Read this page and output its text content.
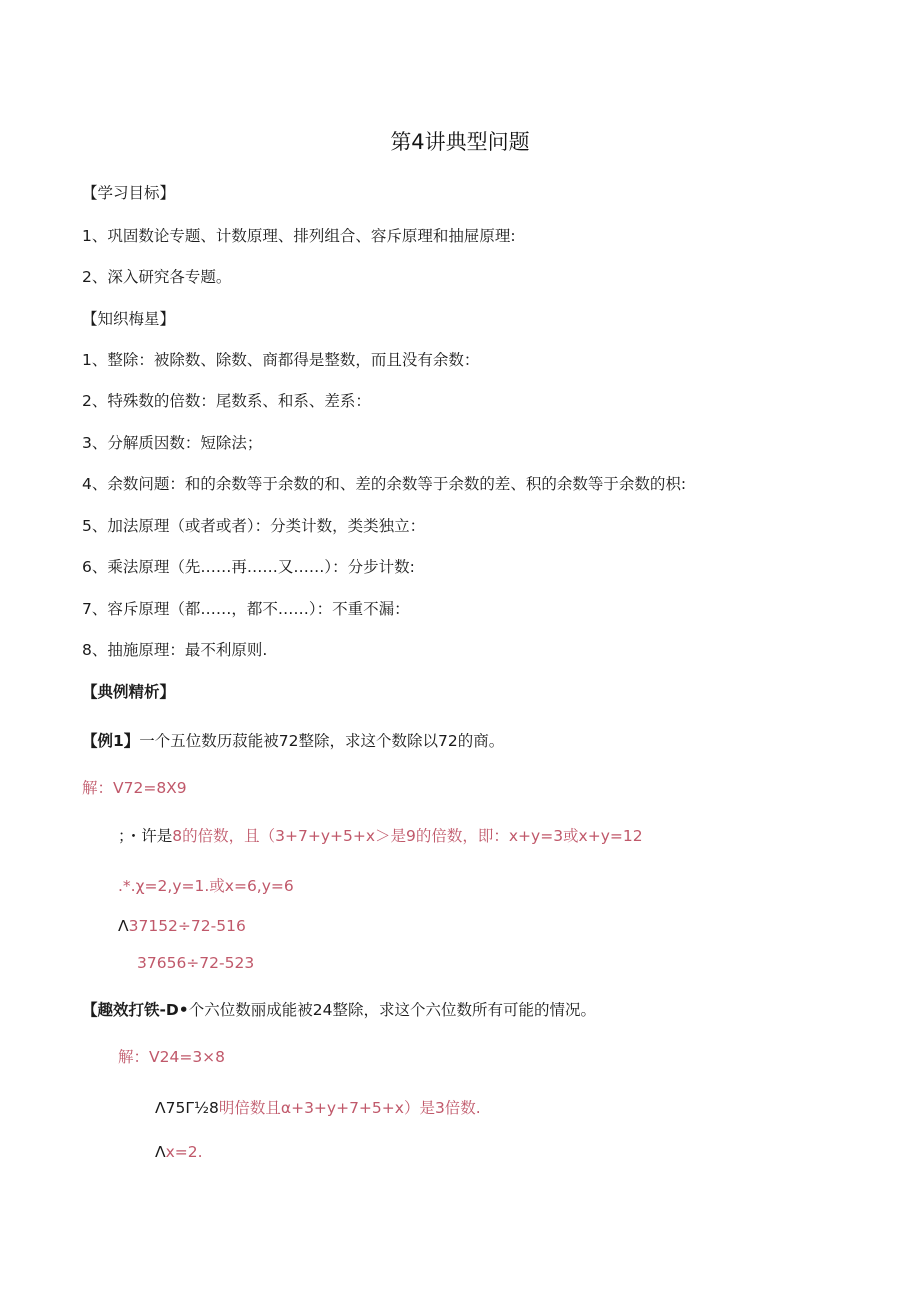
第4讲典型问题
【学习目标】
1、巩固数论专题、计数原理、排列组合、容斥原理和抽屉原理:
2、深入研究各专题。
【知织梅星】
1、整除：被除数、除数、商都得是整数，而且没有余数：
2、特殊数的倍数：尾数系、和系、差系：
3、分解质因数：短除法；
4、余数问题：和的余数等于余数的和、差的余数等于余数的差、积的余数等于余数的枳:
5、加法原理（或者或者）：分类计数，类类独立：
6、乘法原理（先……再……又……）：分步计数:
7、容斥原理（都……，都不……）：不重不漏：
8、抽施原理：最不利原则.
【典例精析】
【例1】一个五位数历菽能被72整除，求这个数除以72的商。
解：V72=8X9
；・许是8的倍数，且（3+7+y+5+x＞是9的倍数，即：x+y=3或x+y=12
.*.χ=2,y=1.或x=6,y=6
Λ37152÷72-516
37656÷72-523
【趣效打铁-D•个六位数丽成能被24整除，求这个六位数所有可能的情况。
解：V24=3×8
Λ75Γ½8明倍数且α+3+y+7+5+x）是3倍数.
Λx=2.
